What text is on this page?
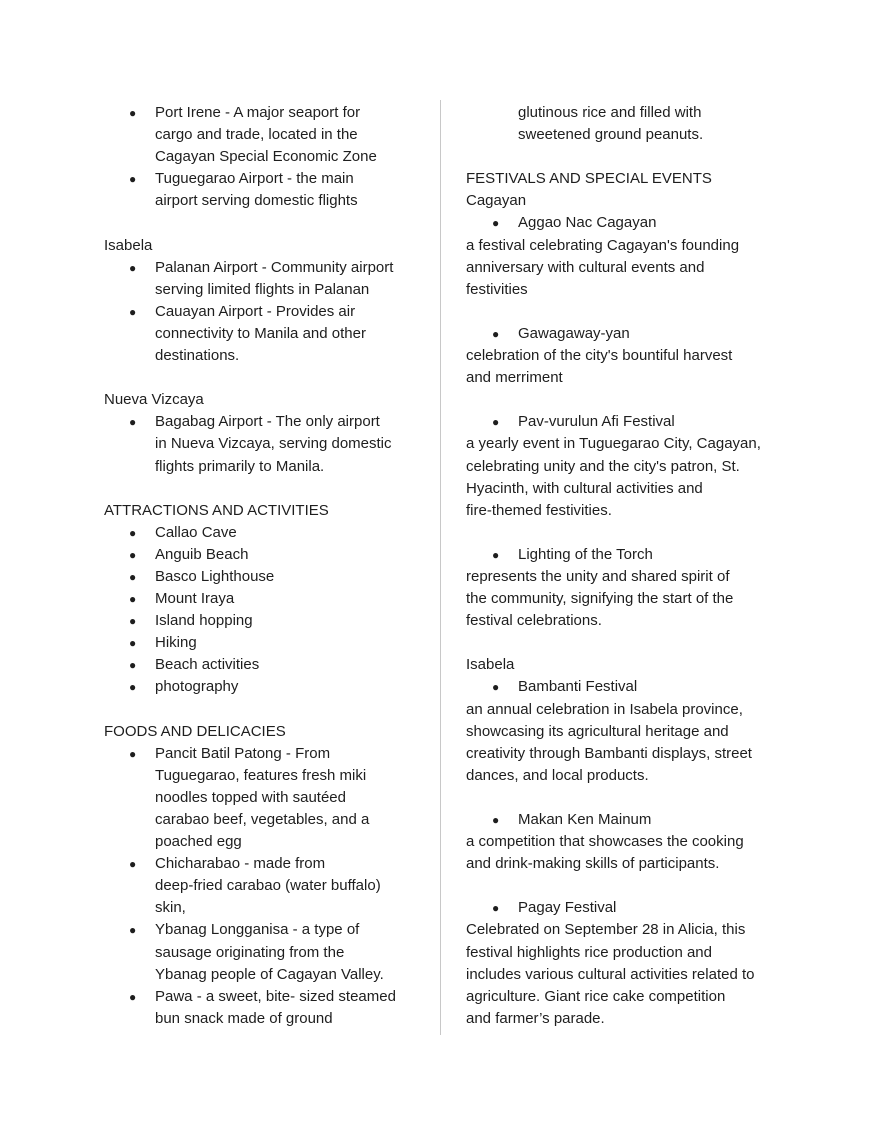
● Port Irene - A major seaport for
cargo and trade, located in the
Cagayan Special Economic Zone
● Tuguegarao Airport - the main
airport serving domestic flights
Isabela
● Palanan Airport - Community airport
serving limited flights in Palanan
● Cauayan Airport - Provides air
connectivity to Manila and other
destinations.
Nueva Vizcaya
● Bagabag Airport - The only airport
in Nueva Vizcaya, serving domestic
flights primarily to Manila.
ATTRACTIONS AND ACTIVITIES
● Callao Cave
● Anguib Beach
● Basco Lighthouse
● Mount Iraya
● Island hopping
● Hiking
● Beach activities
● photography
FOODS AND DELICACIES
● Pancit Batil Patong - From
Tuguegarao, features fresh miki
noodles topped with sautéed
carabao beef, vegetables, and a
poached egg
● Chicharabao - made from
deep-fried carabao (water buffalo)
skin,
● Ybanag Longganisa - a type of
sausage originating from the
Ybanag people of Cagayan Valley.
● Pawa - a sweet, bite- sized steamed
bun snack made of ground
glutinous rice and filled with
sweetened ground peanuts.
FESTIVALS AND SPECIAL EVENTS
Cagayan
● Aggao Nac Cagayan
a festival celebrating Cagayan's founding
anniversary with cultural events and
festivities
● Gawagaway-yan
celebration of the city's bountiful harvest
and merriment
● Pav-vurulun Afi Festival
a yearly event in Tuguegarao City, Cagayan,
celebrating unity and the city's patron, St.
Hyacinth, with cultural activities and
fire-themed festivities.
● Lighting of the Torch
represents the unity and shared spirit of
the community, signifying the start of the
festival celebrations.
Isabela
● Bambanti Festival
an annual celebration in Isabela province,
showcasing its agricultural heritage and
creativity through Bambanti displays, street
dances, and local products.
● Makan Ken Mainum
a competition that showcases the cooking
and drink-making skills of participants.
● Pagay Festival
Celebrated on September 28 in Alicia, this
festival highlights rice production and
includes various cultural activities related to
agriculture. Giant rice cake competition
and farmer’s parade.
